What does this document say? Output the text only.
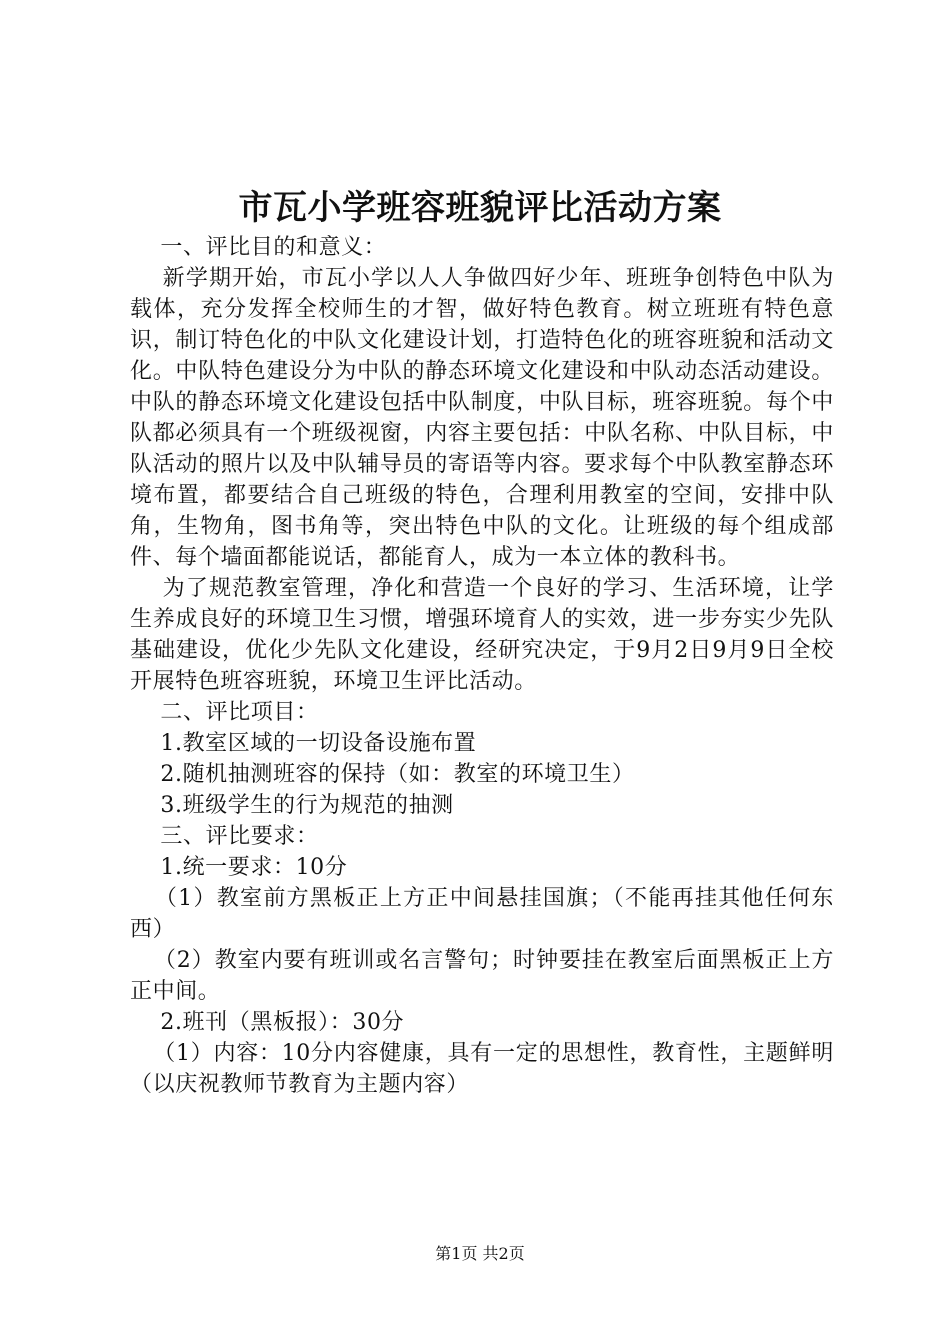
市瓦小学班容班貌评比活动方案

一、评比目的和意义：

新学期开始，市瓦小学以人人争做四好少年、班班争创特色中队为载体，充分发挥全校师生的才智，做好特色教育。树立班班有特色意识，制订特色化的中队文化建设计划，打造特色化的班容班貌和活动文化。中队特色建设分为中队的静态环境文化建设和中队动态活动建设。中队的静态环境文化建设包括中队制度，中队目标，班容班貌。每个中队都必须具有一个班级视窗，内容主要包括：中队名称、中队目标，中队活动的照片以及中队辅导员的寄语等内容。要求每个中队教室静态环境布置，都要结合自己班级的特色，合理利用教室的空间，安排中队角，生物角，图书角等，突出特色中队的文化。让班级的每个组成部件、每个墙面都能说话，都能育人，成为一本立体的教科书。

为了规范教室管理，净化和营造一个良好的学习、生活环境，让学生养成良好的环境卫生习惯，增强环境育人的实效，进一步夯实少先队基础建设，优化少先队文化建设，经研究决定，于9月2日9月9日全校开展特色班容班貌，环境卫生评比活动。

二、评比项目：

1.教室区域的一切设备设施布置

2.随机抽测班容的保持（如：教室的环境卫生）

3.班级学生的行为规范的抽测

三、评比要求：

1.统一要求：10分

（1）教室前方黑板正上方正中间悬挂国旗；（不能再挂其他任何东西）

（2）教室内要有班训或名言警句；时钟要挂在教室后面黑板正上方正中间。

2.班刊（黑板报）：30分

（1）内容：10分内容健康，具有一定的思想性，教育性，主题鲜明（以庆祝教师节教育为主题内容）

第1页 共2页
